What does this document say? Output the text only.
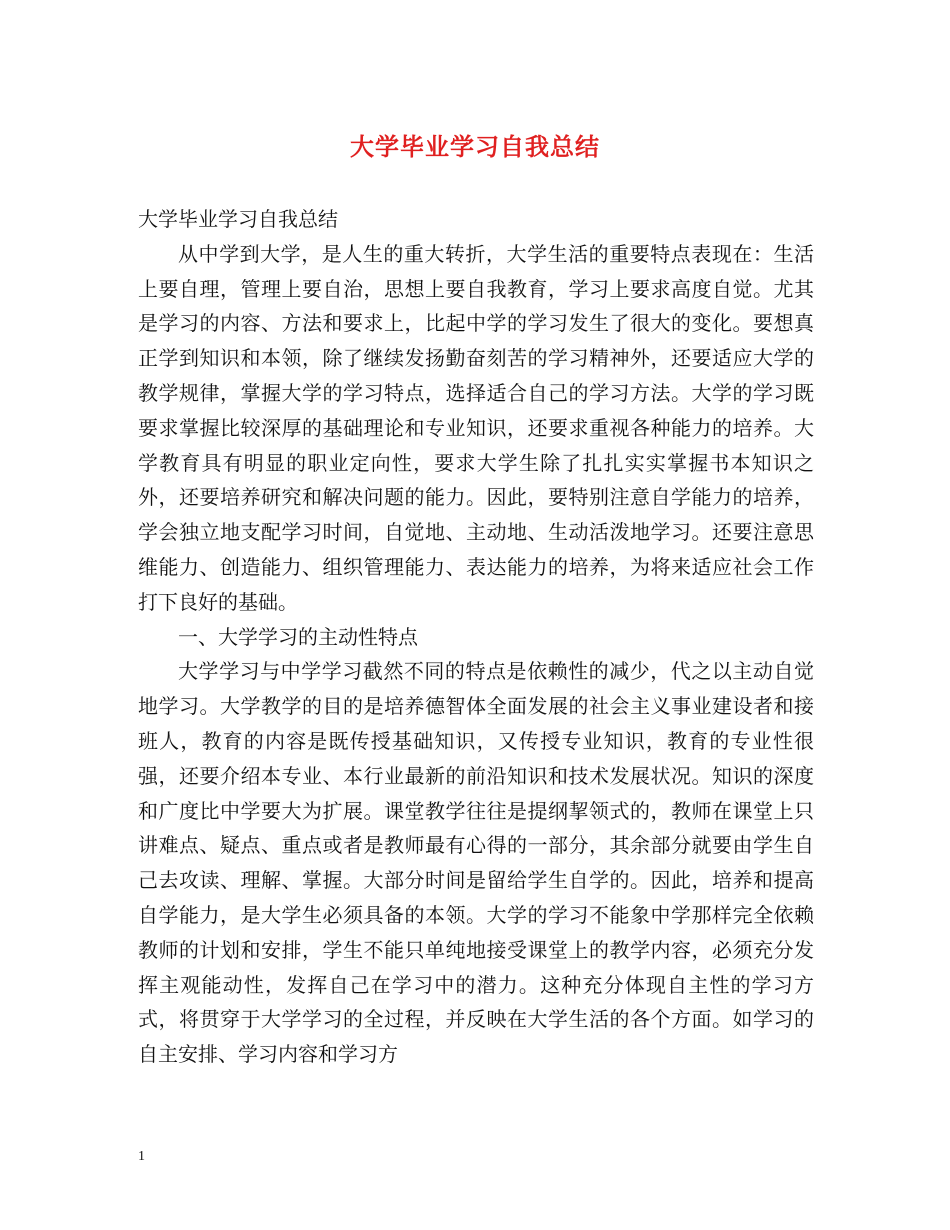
大学毕业学习自我总结

大学毕业学习自我总结

从中学到大学，是人生的重大转折，大学生活的重要特点表现在：生活上要自理，管理上要自治，思想上要自我教育，学习上要求高度自觉。尤其是学习的内容、方法和要求上，比起中学的学习发生了很大的变化。要想真正学到知识和本领，除了继续发扬勤奋刻苦的学习精神外，还要适应大学的教学规律，掌握大学的学习特点，选择适合自己的学习方法。大学的学习既要求掌握比较深厚的基础理论和专业知识，还要求重视各种能力的培养。大学教育具有明显的职业定向性，要求大学生除了扎扎实实掌握书本知识之外，还要培养研究和解决问题的能力。因此，要特别注意自学能力的培养，学会独立地支配学习时间，自觉地、主动地、生动活泼地学习。还要注意思维能力、创造能力、组织管理能力、表达能力的培养，为将来适应社会工作打下良好的基础。

一、大学学习的主动性特点

大学学习与中学学习截然不同的特点是依赖性的减少，代之以主动自觉地学习。大学教学的目的是培养德智体全面发展的社会主义事业建设者和接班人，教育的内容是既传授基础知识，又传授专业知识，教育的专业性很强，还要介绍本专业、本行业最新的前沿知识和技术发展状况。知识的深度和广度比中学要大为扩展。课堂教学往往是提纲挈领式的，教师在课堂上只讲难点、疑点、重点或者是教师最有心得的一部分，其余部分就要由学生自己去攻读、理解、掌握。大部分时间是留给学生自学的。因此，培养和提高自学能力，是大学生必须具备的本领。大学的学习不能象中学那样完全依赖教师的计划和安排，学生不能只单纯地接受课堂上的教学内容，必须充分发挥主观能动性，发挥自己在学习中的潜力。这种充分体现自主性的学习方式，将贯穿于大学学习的全过程，并反映在大学生活的各个方面。如学习的自主安排、学习内容和学习方

1
